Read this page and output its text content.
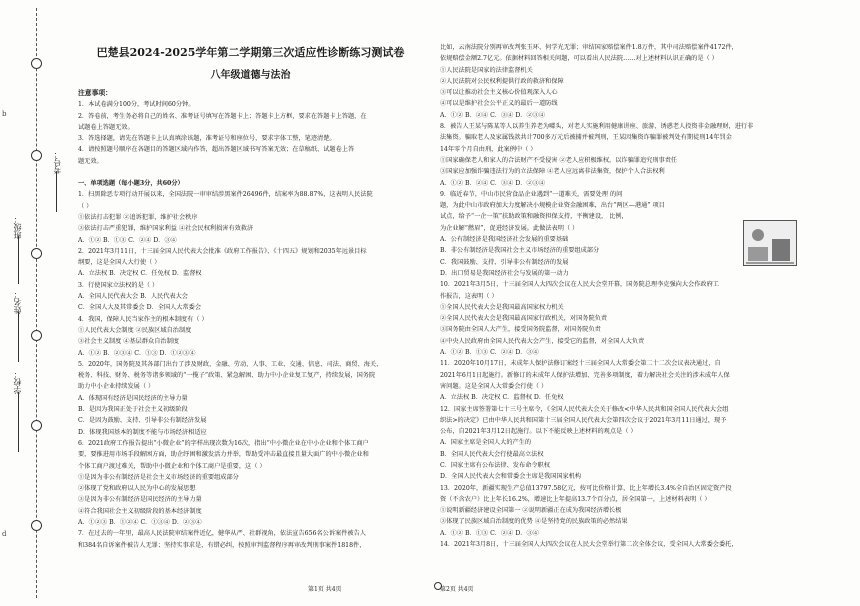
学校：
姓名：
班级：
考号：
b
d
巴楚县2024-2025学年第二学期第三次适应性诊断练习测试卷
八年级道德与法治

注意事项：

1．本试卷满分100分，考试时间60分钟。

2．答卷前，考生务必将自己的姓名、准考证号填写在答题卡上；答题卡上方框，要求在答题卡上答题，在

试题卷上答题无效。

3．答选择题，请先在答题卡上认真填涂该题，准考证号和座位号，要求字体工整，笔迹清楚。

4．请按照题号顺序在各题目的答题区域内作答，超出答题区域书写答案无效；在草稿纸、试题卷上答

题无效。

一、单项选题（每小题3分，共60分）

1．扫黑除恶专项行动开展以来，全国法院一审审结涉黑案件26496件，结案率为88.87%，这表明人民法院

（ ）

①依法打击犯罪 ②追诉犯罪，维护社会秩序

③依法打击严重犯罪，维护国家利益 ④社会民权利损害有效救济

A．①② B．①③ C．②④ D．③④

2．2021年3月11日，十三届全国人民代表大会批准《政府工作报告》、《十四五》规划和2035年远景目标

纲要，这是全国人大行使（ ）

A．立法权 B．决定权 C．任免权 D．监督权

3．行使国家立法权的是（ ）

A．全国人民代表大会 B．人民代表大会

C．全国人大及其常委会 D．全国人大常委会

4．我国，保障人民当家作主的根本制度有（ ）

①人民代表大会制度 ②民族区域自治制度

③社会主义制度 ④基层群众自治制度

A．①② B．②③④ C．①③ D．①②③④

5．2020年，国务院及其各部门出台了涉及财政、金融、劳动、人事、工业、交通、信息、司法、商贸、海关、

税务、科技、财务、税务等诸多领域的“一揽子”政策、紧急解困、助力中小企业复工复产，持续发展，国务院

助力中小企业持续发展（ ）

A．体现国有经济是国民经济的主导力量

B．是因为我国正处于社会主义初级阶段

C．是因为鼓励、支持、引导非公有制经济发展

D．体现我国基本的制度不能与市场经济相适应

6．2021政府工作报告提出“小微企业”的字样出现次数为16次，指出“中小微企业在中小企业和个体工商户

要，要推进用市场手段解困方面，助企纾困和激发活力并举，帮助受冲击最直接且量大面广的中小微企业和

个体工商户渡过难关，帮助中小微企业和个体工商户是重要，这（ ）

①是因为非公有制经济是社会主义市场经济的重要组成部分

②体现了党和政府以人民为中心的发展思想

③是因为非公有制经济是国民经济的主导力量

④符合我国社会主义初级阶段的基本经济制度

A．①②③ B．①②④ C．①③④ D．②③④

7．在过去的一年里，最高人民法院审结案件近亿，健华从严、社群视角，依法宣告656名公诉案件被告人

和384名自诉案件被告人无罪；坚持实事求是，有错必纠，按照审判监督程序再审改判刑事案件1818件，

第1页 共4页

比如，云南法院分别再审改判张玉环、何学光无罪；审结国家赔偿案件1.8万件，其中司法赔偿案件4172件，

依规赔偿金额2.7亿元。依据材料回答相关问题，可以看出人民法院……对上述材料认识正确的是（ ）

①人民法院是国家的法律监督机关

②人民法院对公民权利提供行政的救济和保障

③可以让推动社会主义核心价值观深入人心

④可以是维护社会公平正义的最后一道防线

A．①② B．②④ C．③④ D．②③④

8．被告人王某与陈某等人以养生养老为噱头，对老人实施利用健康讲座、旅游、诱惑老人投资非金融理财，进行非

法集资。骗取老人及家属钱款共计700多万元后被捕并被判刑，王某因集资诈骗罪被判处有期徒刑14年罚金

14年零个月自由刑，此案例中（ ）

①国家确保老人和家人的合法财产不受侵害 ②老人应积极维权，以诈骗罪追究刑事责任

③国家应加强诈骗违法行为的立法保障 ④老人应远离非法集资，保护个人合法权利

A．①② B．②④ C．③④ D．②③④

9．临近春节，中山市民营食品企业遇到“一道难关，需要处理 的问

题，为此中山市政府加大力度解决小规模企业资金融困难，出台“两区—港通” 项目

试点，给予“一企一策”扶助政策和融资担保支持，平衡建设， 比例，

为企业解“燃眉”，促进经济发展。此做法表明（ ）

A．公有制经济是我国经济社会发展的重要基础

B．非公有制经济是我国社会主义市场经济的重要组成部分

C．我国鼓励、支持、引导非公有制经济的发展

D．出口贸易是我国经济社会与发展的第一动力

10．2021年3月5日，十三届全国人大四次会议在人民大会堂开幕，国务院总理李克强向大会作政府工

作报告，这表明（ ）

①全国人民代表大会是我国最高国家权力机关

②全国人民代表大会是我国最高国家行政机关，对国务院负责

③国务院由全国人大产生，接受国务院监督，对国务院负责

④中央人民政府由全国人民代表大会产生，接受它的监督，对全国人大负责

A．①② B．①③ C．②④ D．③④

11．2020年10月17日，未成年人保护法修订案经十三届全国人大常委会第二十二次会议表决通过，自

2021年6月1日起施行。新修订的未成年人保护法增加、完善多项制度，着力解决社会关注的涉未成年人保

害问题。这是全国人大常委会行使（ ）

A．立法权 B．决定权 C．监督权 D．任免权

12．国家主席签署第七十三号主席令，《全国人民代表大会关于修改<中华人民共和国全国人民代表大会组

织法>的决定》已由中华人民共和国第十三届全国人民代表大会第四次会议于2021年3月11日通过，现予

公布，自2021年3月12日起施行。以下不能反映上述材料的观点是（ ）

A．国家主席是全国人大的产生的

B．全国人民代表大会行使最高立法权

C．国家主席有公布法律、发布命令职权

D．全国人民代表大会和常委会主席是我国国家机构

13．2020年，新疆实现生产总值13797.58亿元，按可比价格计算，比上年增长3.4%全自治区固定资产投

资（不含农户）比上年长16.2%，增速比上年提高13.7个百分点，居全国第一，上述材料表明（ ）

①说明新疆经济建设全国第一 ②说明新疆正在成为我国经济增长极

③体现了民族区域自治制度的优势 ④是坚持党的民族政策的必然结果

A．①② B．①③ C．②④ D．③④

14．2021年3月8日，十三届全国人大四次会议在人民大会堂举行第二次全体会议，受全国人大常委会委托，

第2页 共4页
